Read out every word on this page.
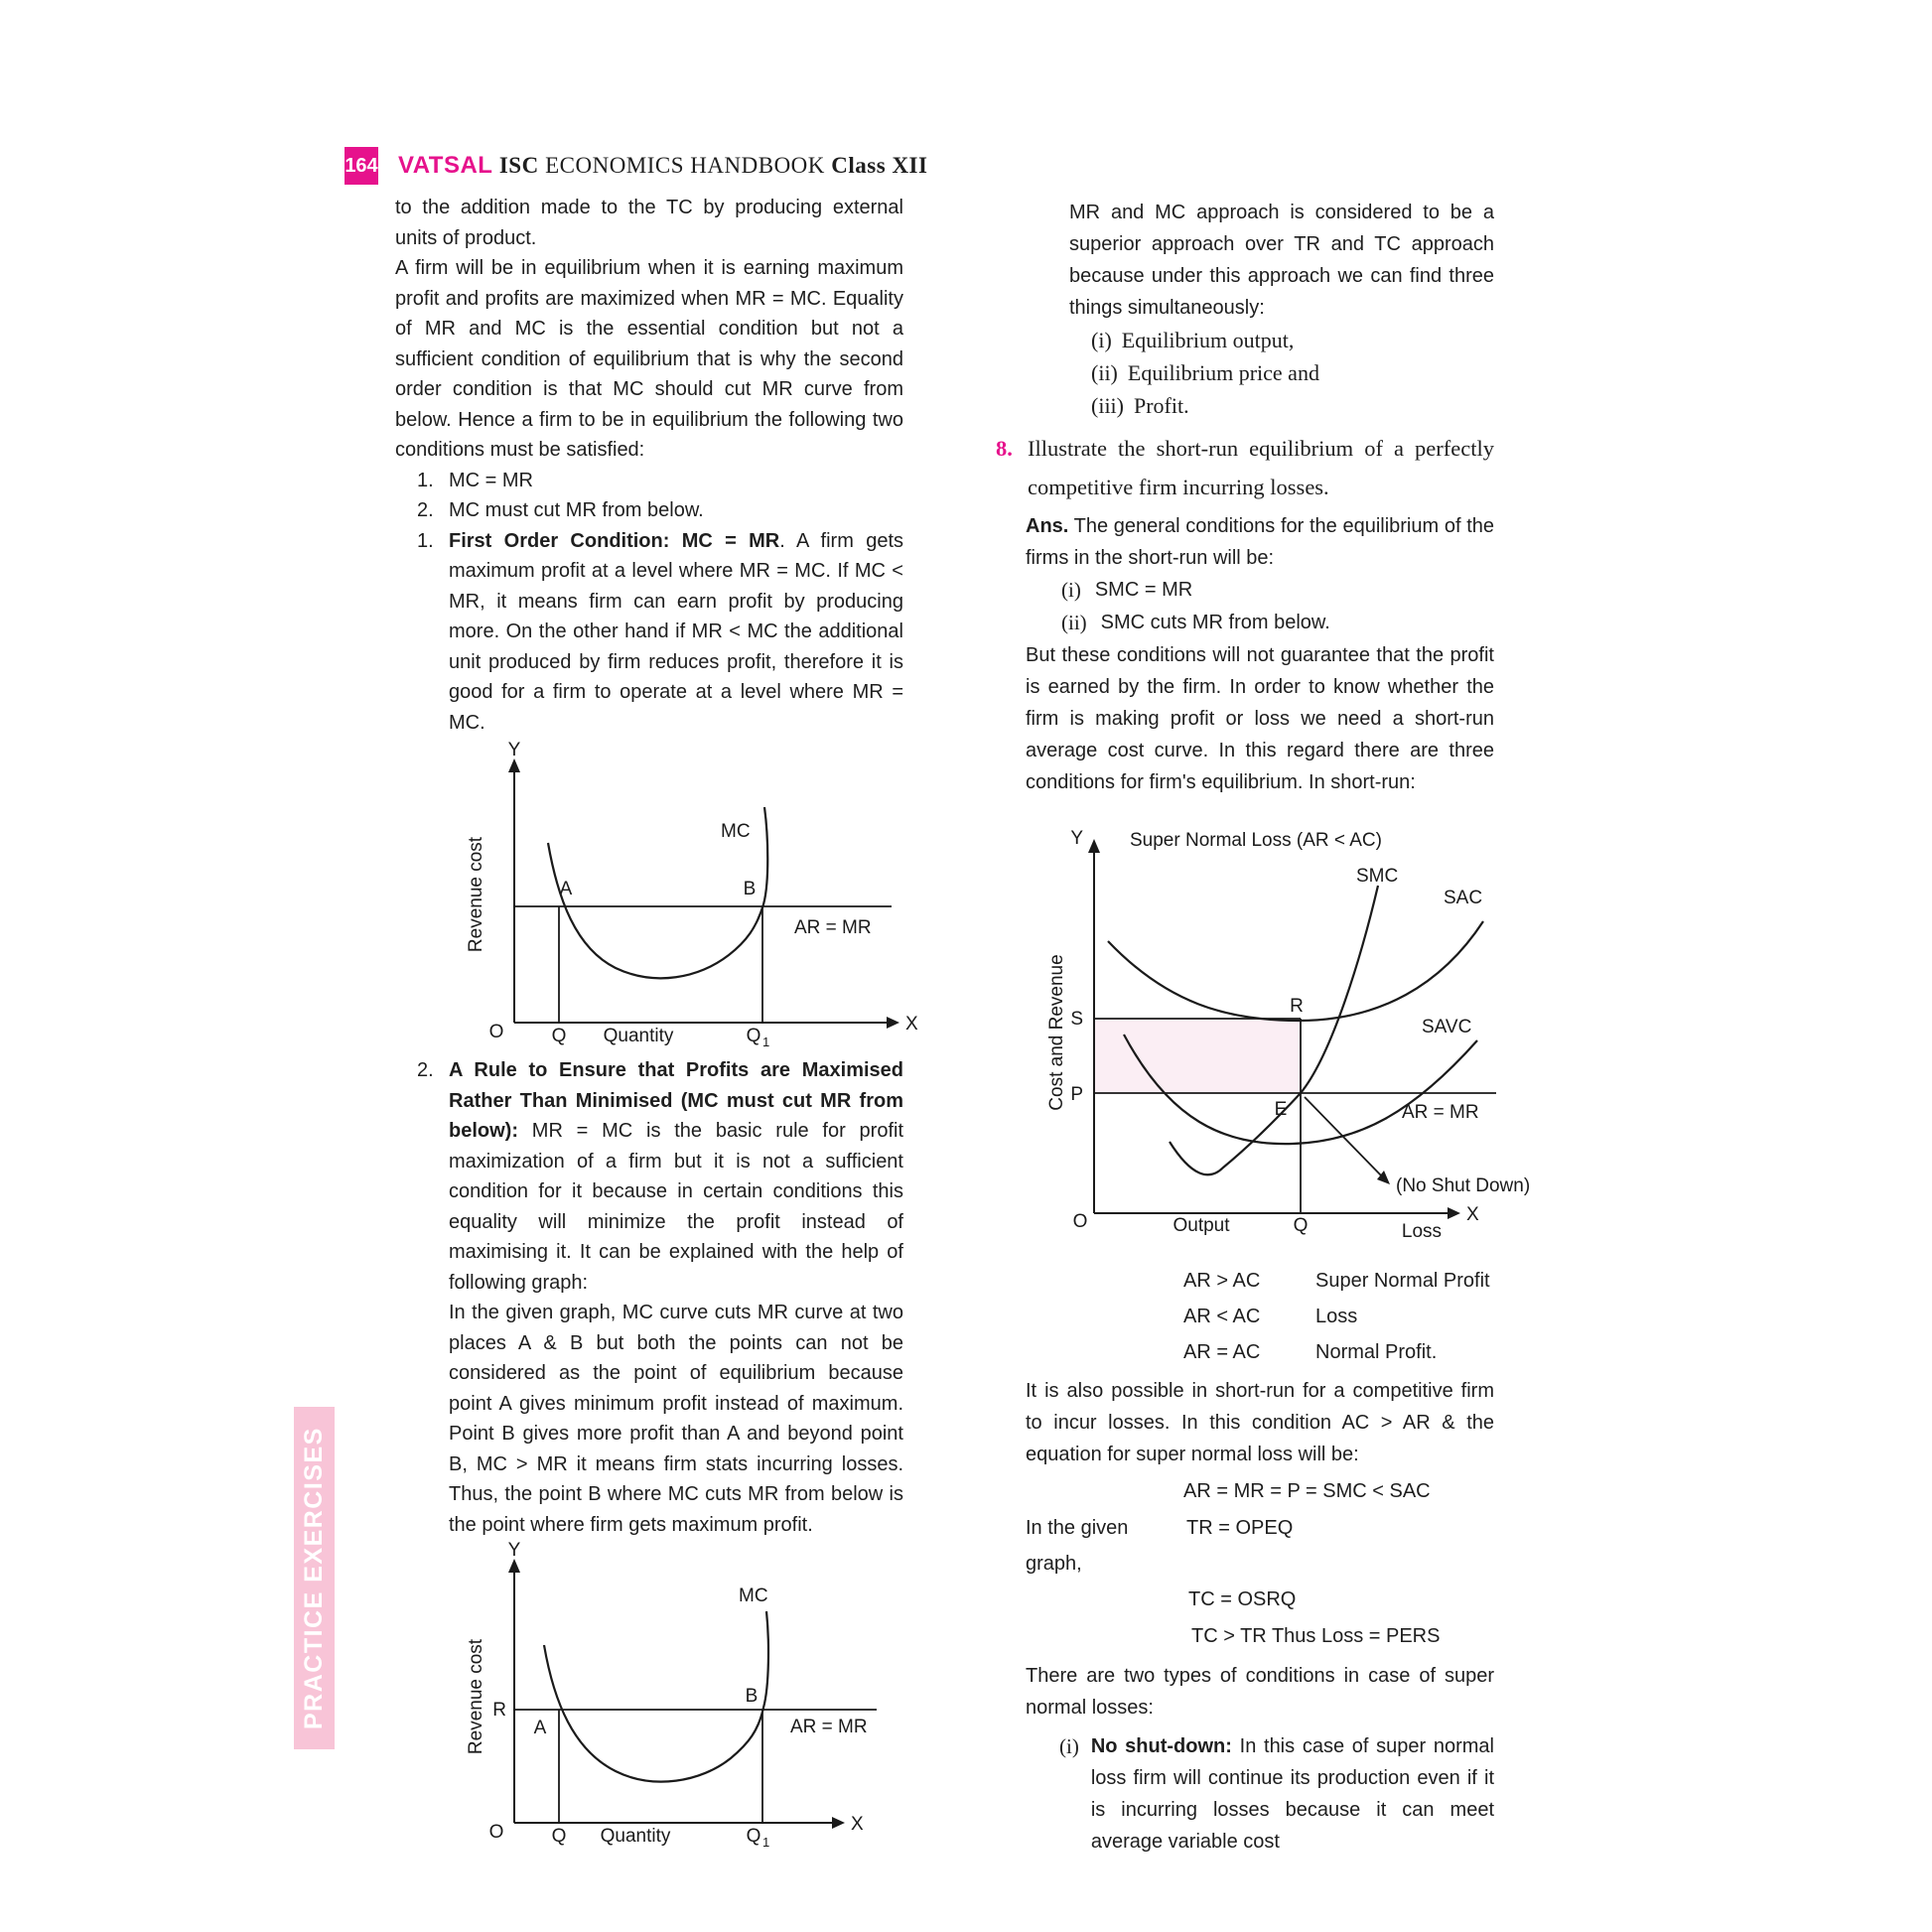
164 VATSAL ISC ECONOMICS HANDBOOK Class XII
PRACTICE EXERCISES

to the addition made to the TC by producing external units of product.

A firm will be in equilibrium when it is earning maximum profit and profits are maximized when MR = MC. Equality of MR and MC is the essential condition but not a sufficient condition of equilibrium that is why the second order condition is that MC should cut MR curve from below. Hence a firm to be in equilibrium the following two conditions must be satisfied:

1. MC = MR
2. MC must cut MR from below.
1. First Order Condition: MC = MR. A firm gets maximum profit at a level where MR = MC. If MC < MR, it means firm can earn profit by producing more. On the other hand if MR < MC the additional unit produced by firm reduces profit, therefore it is good for a firm to operate at a level where MR = MC.
Y
X
O
Revenue cost
MC
A	B
AR = MR
Q Quantity	Q 1
2. A Rule to Ensure that Profits are Maximised Rather Than Minimised (MC must cut MR from below): MR = MC is the basic rule for profit maximization of a firm but it is not a sufficient condition for it because in certain conditions this equality will minimize the profit instead of maximising it. It can be explained with the help of following graph:
In the given graph, MC curve cuts MR curve at two places A & B but both the points can not be considered as the point of equilibrium because point A gives minimum profit instead of maximum. Point B gives more profit than A and beyond point B, MC > MR it means firm stats incurring losses. Thus, the point B where MC cuts MR from below is the point where firm gets maximum profit.
Y
X
O
Revenue cost
MC
R
A
B
AR = MR
Q Quantity	Q 1

MR and MC approach is considered to be a superior approach over TR and TC approach because under this approach we can find three things simultaneously:

(i) Equilibrium output,
(ii) Equilibrium price and
(iii) Profit.
8. Illustrate the short-run equilibrium of a perfectly competitive firm incurring losses.

Ans. The general conditions for the equilibrium of the firms in the short-run will be:

(i) SMC = MR
(ii) SMC cuts MR from below.

But these conditions will not guarantee that the profit is earned by the firm. In order to know whether the firm is making profit or loss we need a short-run average cost curve. In this regard there are three conditions for firm's equilibrium. In short-run:

Y Super Normal Loss (AR < AC)
X
O
Cost and Revenue S
P
R
E
SMC
SAC
SAVC
AR = MR
(No Shut Down)
Output	Q	Loss
AR > AC	Super Normal Profit
AR < AC	Loss
AR = AC	Normal Profit.

It is also possible in short-run for a competitive firm to incur losses. In this condition AC > AR & the equation for super normal loss will be:

AR = MR = P = SMC < SAC
In the given graph,
TR = OPEQ
TC = OSRQ
TC > TR Thus Loss = PERS

There are two types of conditions in case of super normal losses:

(i) No shut-down: In this case of super normal loss firm will continue its production even if it is incurring losses because it can meet average variable cost
